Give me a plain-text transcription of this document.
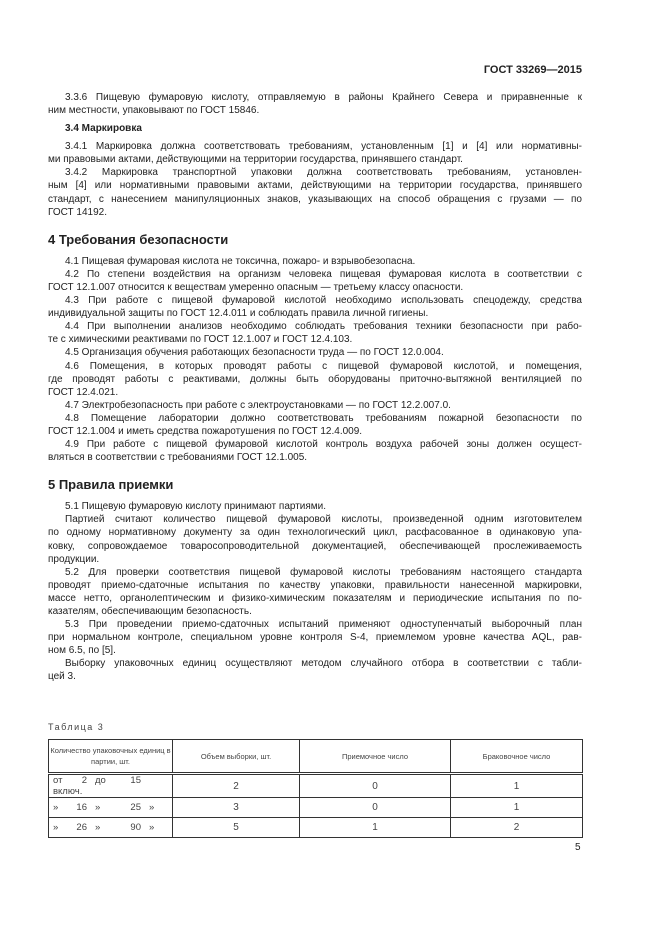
ГОСТ 33269—2015
3.3.6 Пищевую фумаровую кислоту, отправляемую в районы Крайнего Севера и приравненные к
ним местности, упаковывают по ГОСТ 15846.
3.4 Маркировка
3.4.1 Маркировка должна соответствовать требованиям, установленным [1] и [4] или нормативны-
ми правовыми актами, действующими на территории государства, принявшего стандарт.
3.4.2 Маркировка транспортной упаковки должна соответствовать требованиям, установлен-
ным [4] или нормативными правовыми актами, действующими на территории государства, принявшего
стандарт, с нанесением манипуляционных знаков, указывающих на способ обращения с грузами — по
ГОСТ 14192.
4 Требования безопасности
4.1 Пищевая фумаровая кислота не токсична, пожаро- и взрывобезопасна.
4.2 По степени воздействия на организм человека пищевая фумаровая кислота в соответствии с
ГОСТ 12.1.007 относится к веществам умеренно опасным — третьему классу опасности.
4.3 При работе с пищевой фумаровой кислотой необходимо использовать спецодежду, средства
индивидуальной защиты по ГОСТ 12.4.011 и соблюдать правила личной гигиены.
4.4 При выполнении анализов необходимо соблюдать требования техники безопасности при рабо-
те с химическими реактивами по ГОСТ 12.1.007 и ГОСТ 12.4.103.
4.5 Организация обучения работающих безопасности труда — по ГОСТ 12.0.004.
4.6 Помещения, в которых проводят работы с пищевой фумаровой кислотой, и помещения,
где проводят работы с реактивами, должны быть оборудованы приточно-вытяжной вентиляцией по
ГОСТ 12.4.021.
4.7 Электробезопасность при работе с электроустановками — по ГОСТ 12.2.007.0.
4.8 Помещение лаборатории должно соответствовать требованиям пожарной безопасности по
ГОСТ 12.1.004 и иметь средства пожаротушения по ГОСТ 12.4.009.
4.9 При работе с пищевой фумаровой кислотой контроль воздуха рабочей зоны должен осущест-
вляться в соответствии с требованиями ГОСТ 12.1.005.
5 Правила приемки
5.1 Пищевую фумаровую кислоту принимают партиями.
Партией считают количество пищевой фумаровой кислоты, произведенной одним изготовителем
по одному нормативному документу за один технологический цикл, расфасованное в одинаковую упа-
ковку, сопровождаемое товаросопроводительной документацией, обеспечивающей прослеживаемость
продукции.
5.2 Для проверки соответствия пищевой фумаровой кислоты требованиям настоящего стандарта
проводят приемо-сдаточные испытания по качеству упаковки, правильности нанесенной маркировки,
массе нетто, органолептическим и физико-химическим показателям и периодические испытания по по-
казателям, обеспечивающим безопасность.
5.3 При проведении приемо-сдаточных испытаний применяют одноступенчатый выборочный план
при нормальном контроле, специальном уровне контроля S-4, приемлемом уровне качества AQL, рав-
ном 6.5, по [5].
Выборку упаковочных единиц осуществляют методом случайного отбора в соответствии с табли-
цей 3.
Таблица 3
Количество упаковочных единиц в партии, шт.	Объем выборки, шт.	Приемочное число	Браковочное число
от 2 до 15включ.	2	0	1
» 16 » 25 »	3	0	1
» 26 » 90 »	5	1	2
5
